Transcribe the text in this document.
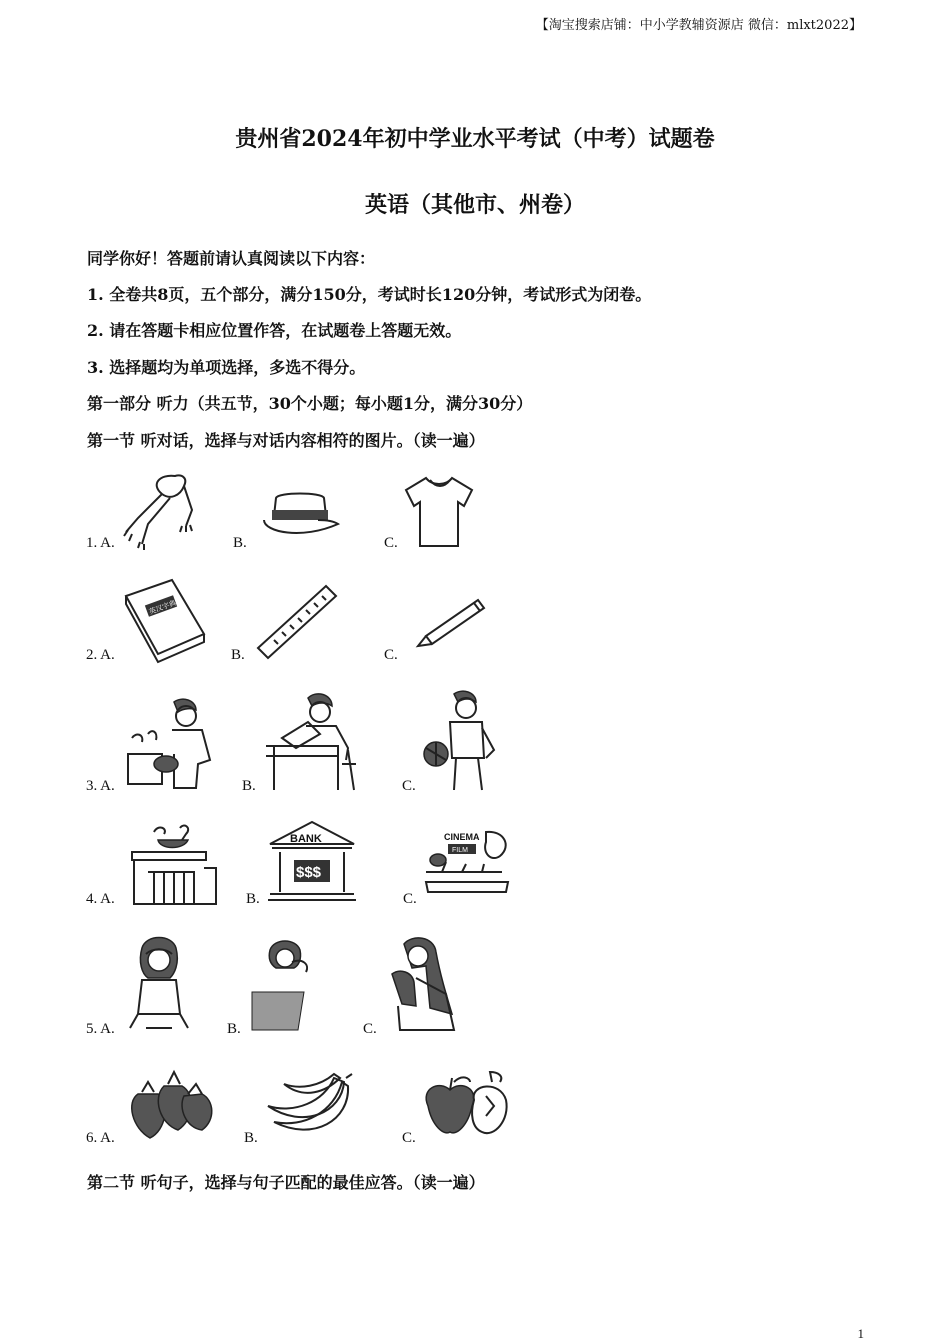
【淘宝搜索店铺：中小学教辅资源店 微信：mlxt2022】
贵州省2024年初中学业水平考试（中考）试题卷
英语（其他市、州卷）
同学你好！答题前请认真阅读以下内容：
1. 全卷共8页，五个部分，满分150分，考试时长120分钟，考试形式为闭卷。
2. 请在答题卡相应位置作答，在试题卷上答题无效。
3. 选择题均为单项选择，多选不得分。
第一部分 听力（共五节，30个小题；每小题1分，满分30分）
第一节 听对话，选择与对话内容相符的图片。（读一遍）
1. A.	B.	C.
2. A.	B.	C.
英汉字典
3. A.	B.	C.
4. A.	B.	C.
BANK
$$$
CINEMA
FILM
5. A.	B.	C.
6. A.	B.	C.
第二节 听句子，选择与句子匹配的最佳应答。（读一遍）
1
